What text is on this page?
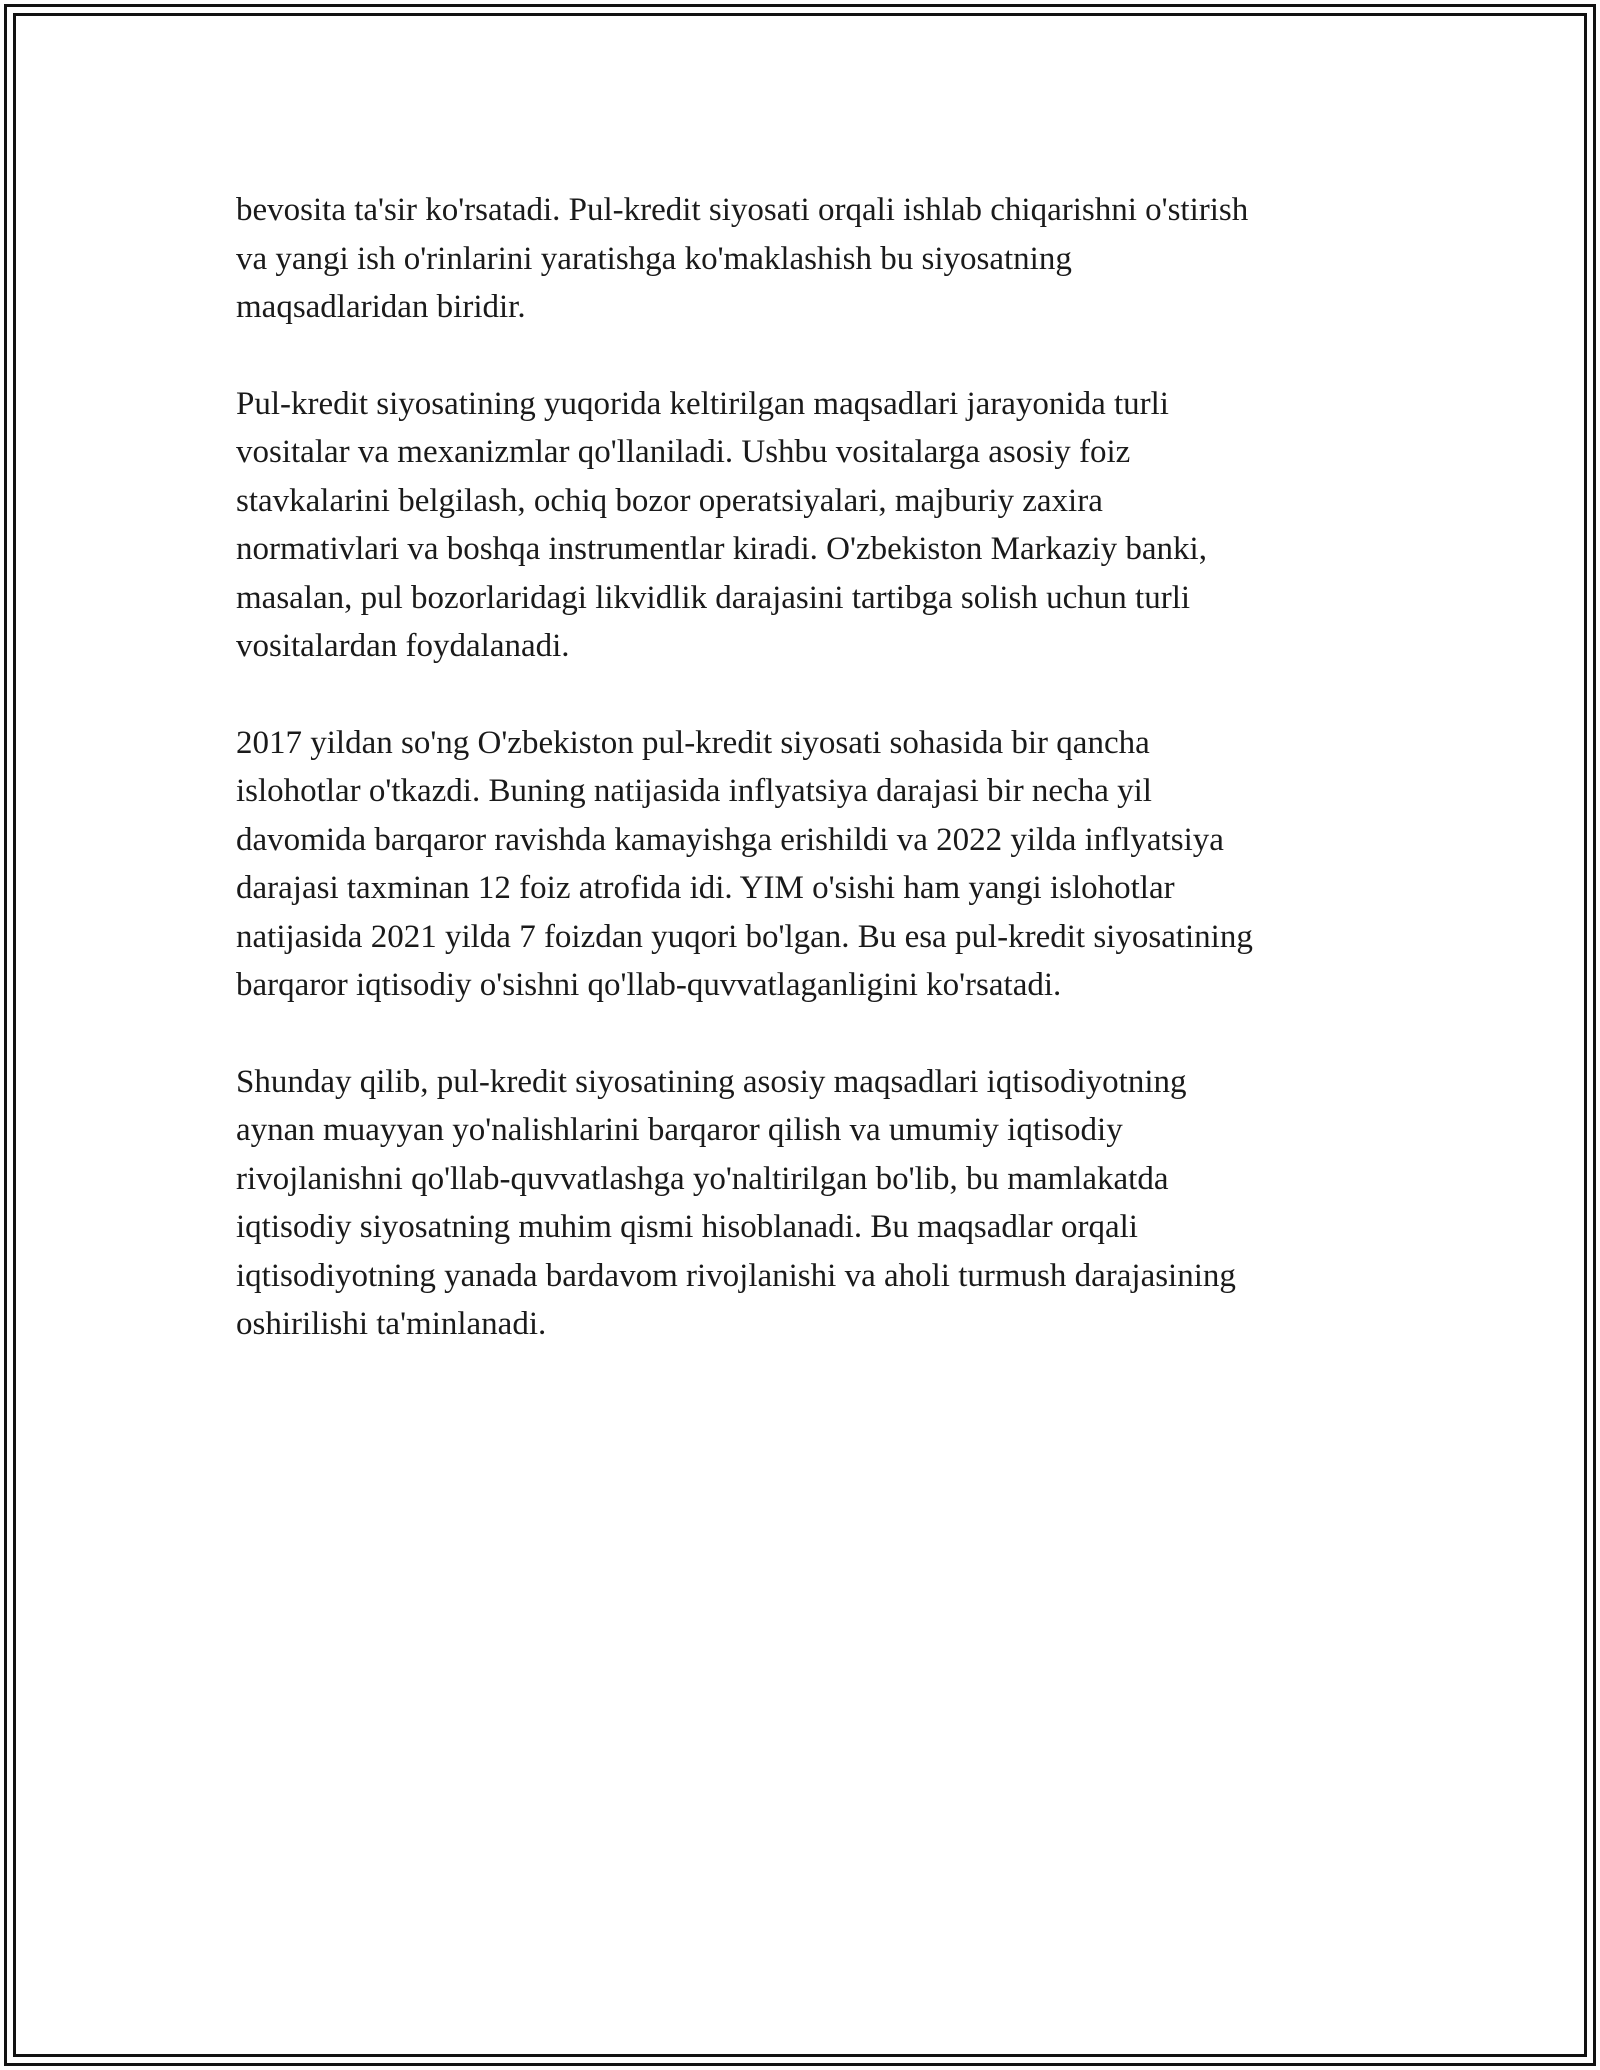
bevosita ta'sir ko'rsatadi. Pul-kredit siyosati orqali ishlab chiqarishni o'stirish
va yangi ish o'rinlarini yaratishga ko'maklashish bu siyosatning
maqsadlaridan biridir.

Pul-kredit siyosatining yuqorida keltirilgan maqsadlari jarayonida turli
vositalar va mexanizmlar qo'llaniladi. Ushbu vositalarga asosiy foiz
stavkalarini belgilash, ochiq bozor operatsiyalari, majburiy zaxira
normativlari va boshqa instrumentlar kiradi. O'zbekiston Markaziy banki,
masalan, pul bozorlaridagi likvidlik darajasini tartibga solish uchun turli
vositalardan foydalanadi.

2017 yildan so'ng O'zbekiston pul-kredit siyosati sohasida bir qancha
islohotlar o'tkazdi. Buning natijasida inflyatsiya darajasi bir necha yil
davomida barqaror ravishda kamayishga erishildi va 2022 yilda inflyatsiya
darajasi taxminan 12 foiz atrofida idi. YIM o'sishi ham yangi islohotlar
natijasida 2021 yilda 7 foizdan yuqori bo'lgan. Bu esa pul-kredit siyosatining
barqaror iqtisodiy o'sishni qo'llab-quvvatlaganligini ko'rsatadi.

Shunday qilib, pul-kredit siyosatining asosiy maqsadlari iqtisodiyotning
aynan muayyan yo'nalishlarini barqaror qilish va umumiy iqtisodiy
rivojlanishni qo'llab-quvvatlashga yo'naltirilgan bo'lib, bu mamlakatda
iqtisodiy siyosatning muhim qismi hisoblanadi. Bu maqsadlar orqali
iqtisodiyotning yanada bardavom rivojlanishi va aholi turmush darajasining
oshirilishi ta'minlanadi.
